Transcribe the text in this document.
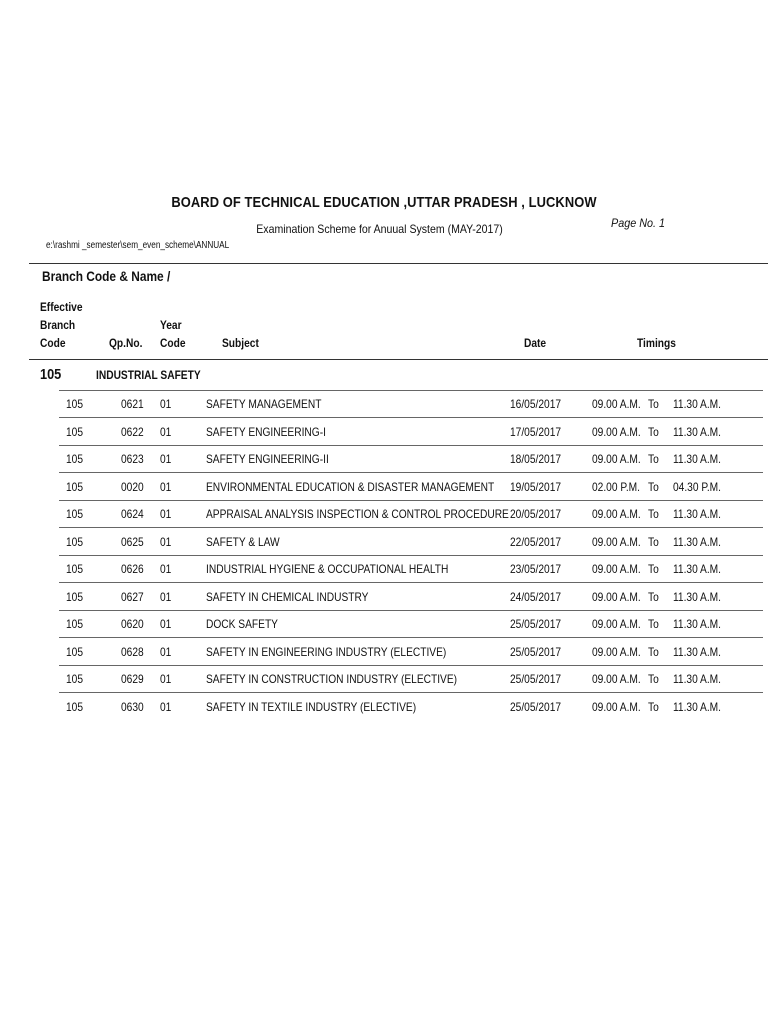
BOARD OF TECHNICAL EDUCATION ,UTTAR PRADESH , LUCKNOW
Examination Scheme for Anuual System (MAY-2017)	Page No. 1
e:\rashmi _semester\sem_even_scheme\ANNUAL
Branch Code & Name /
Effective
Branch
Code	Qp.No.
Year
Code	Subject	Date	Timings
105	INDUSTRIAL SAFETY
105	0621 01	SAFETY MANAGEMENT	16/05/2017	09.00 A.M. To 11.30 A.M.
105	0622 01	SAFETY ENGINEERING-I	17/05/2017	09.00 A.M. To 11.30 A.M.
105	0623 01	SAFETY ENGINEERING-II	18/05/2017	09.00 A.M. To 11.30 A.M.
105	0020 01	ENVIRONMENTAL EDUCATION & DISASTER MANAGEMENT 19/05/2017	02.00 P.M. To 04.30 P.M.
105	0624 01	APPRAISAL ANALYSIS INSPECTION & CONTROL PROCEDURE 20/05/2017	09.00 A.M. To 11.30 A.M.
105	0625 01	SAFETY & LAW	22/05/2017	09.00 A.M. To 11.30 A.M.
105	0626 01	INDUSTRIAL HYGIENE & OCCUPATIONAL HEALTH	23/05/2017	09.00 A.M. To 11.30 A.M.
105	0627 01	SAFETY IN CHEMICAL INDUSTRY	24/05/2017	09.00 A.M. To 11.30 A.M.
105	0620 01	DOCK SAFETY	25/05/2017	09.00 A.M. To 11.30 A.M.
105	0628 01	SAFETY IN ENGINEERING INDUSTRY (ELECTIVE)	25/05/2017	09.00 A.M. To 11.30 A.M.
105	0629 01	SAFETY IN CONSTRUCTION INDUSTRY (ELECTIVE)	25/05/2017	09.00 A.M. To 11.30 A.M.
105	0630 01	SAFETY IN TEXTILE INDUSTRY (ELECTIVE)	25/05/2017	09.00 A.M. To 11.30 A.M.
